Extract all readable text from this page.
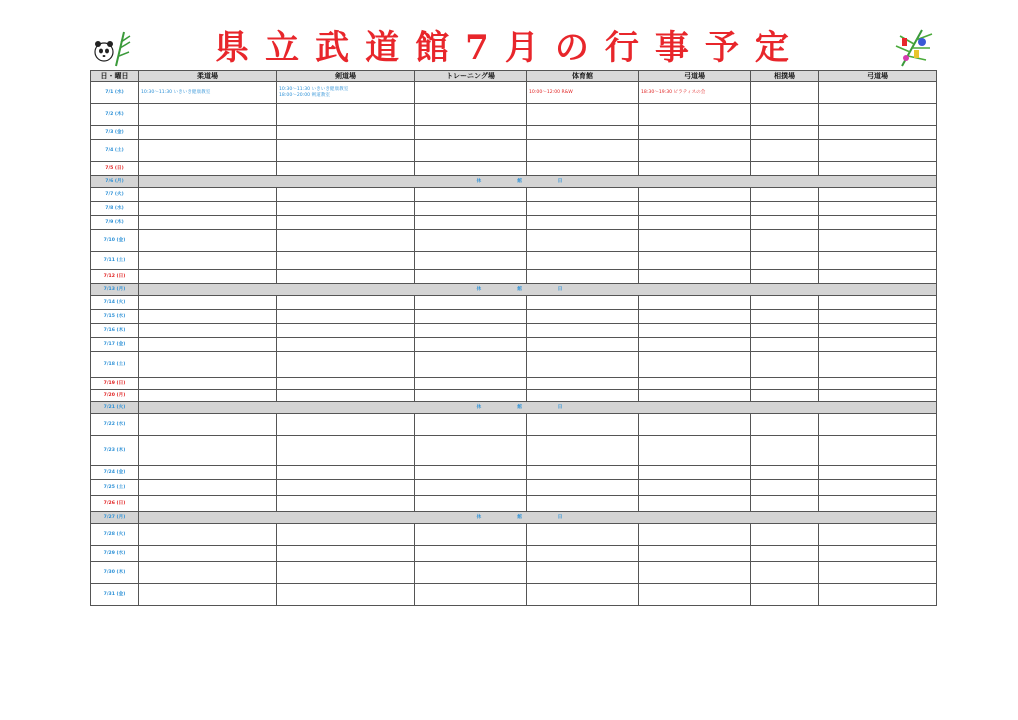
県立武道館7月の行事予定
日・曜日	柔道場	剣道場	トレーニング場	体育館	弓道場	相撲場	弓道場
7/1 (水)	10:30〜11:30 いきいき健康教室	10:30〜11:30 いきいき健康教室
18:00〜20:00 剣道教室		10:00〜12:00 R&W	18:30〜19:30 ピラティスの会		

7/2 (木)	

7/3 (金)	

7/4 (土)	

7/5 (日)	

7/6 (月)	休館日						
7/7 (火)	

7/8 (水)	

7/9 (木)	

7/10 (金)	

7/11 (土)	

7/12 (日)	

7/13 (月)	休館日						
7/14 (火)	

7/15 (水)	

7/16 (木)	

7/17 (金)	

7/18 (土)	

7/19 (日)	

7/20 (月)							
7/21 (火)	休館日						
7/22 (水)	

7/23 (木)	

7/24 (金)	

7/25 (土)	

7/26 (日)	

7/27 (月)	休館日						
7/28 (火)	

7/29 (水)	

7/30 (木)	

7/31 (金)	
